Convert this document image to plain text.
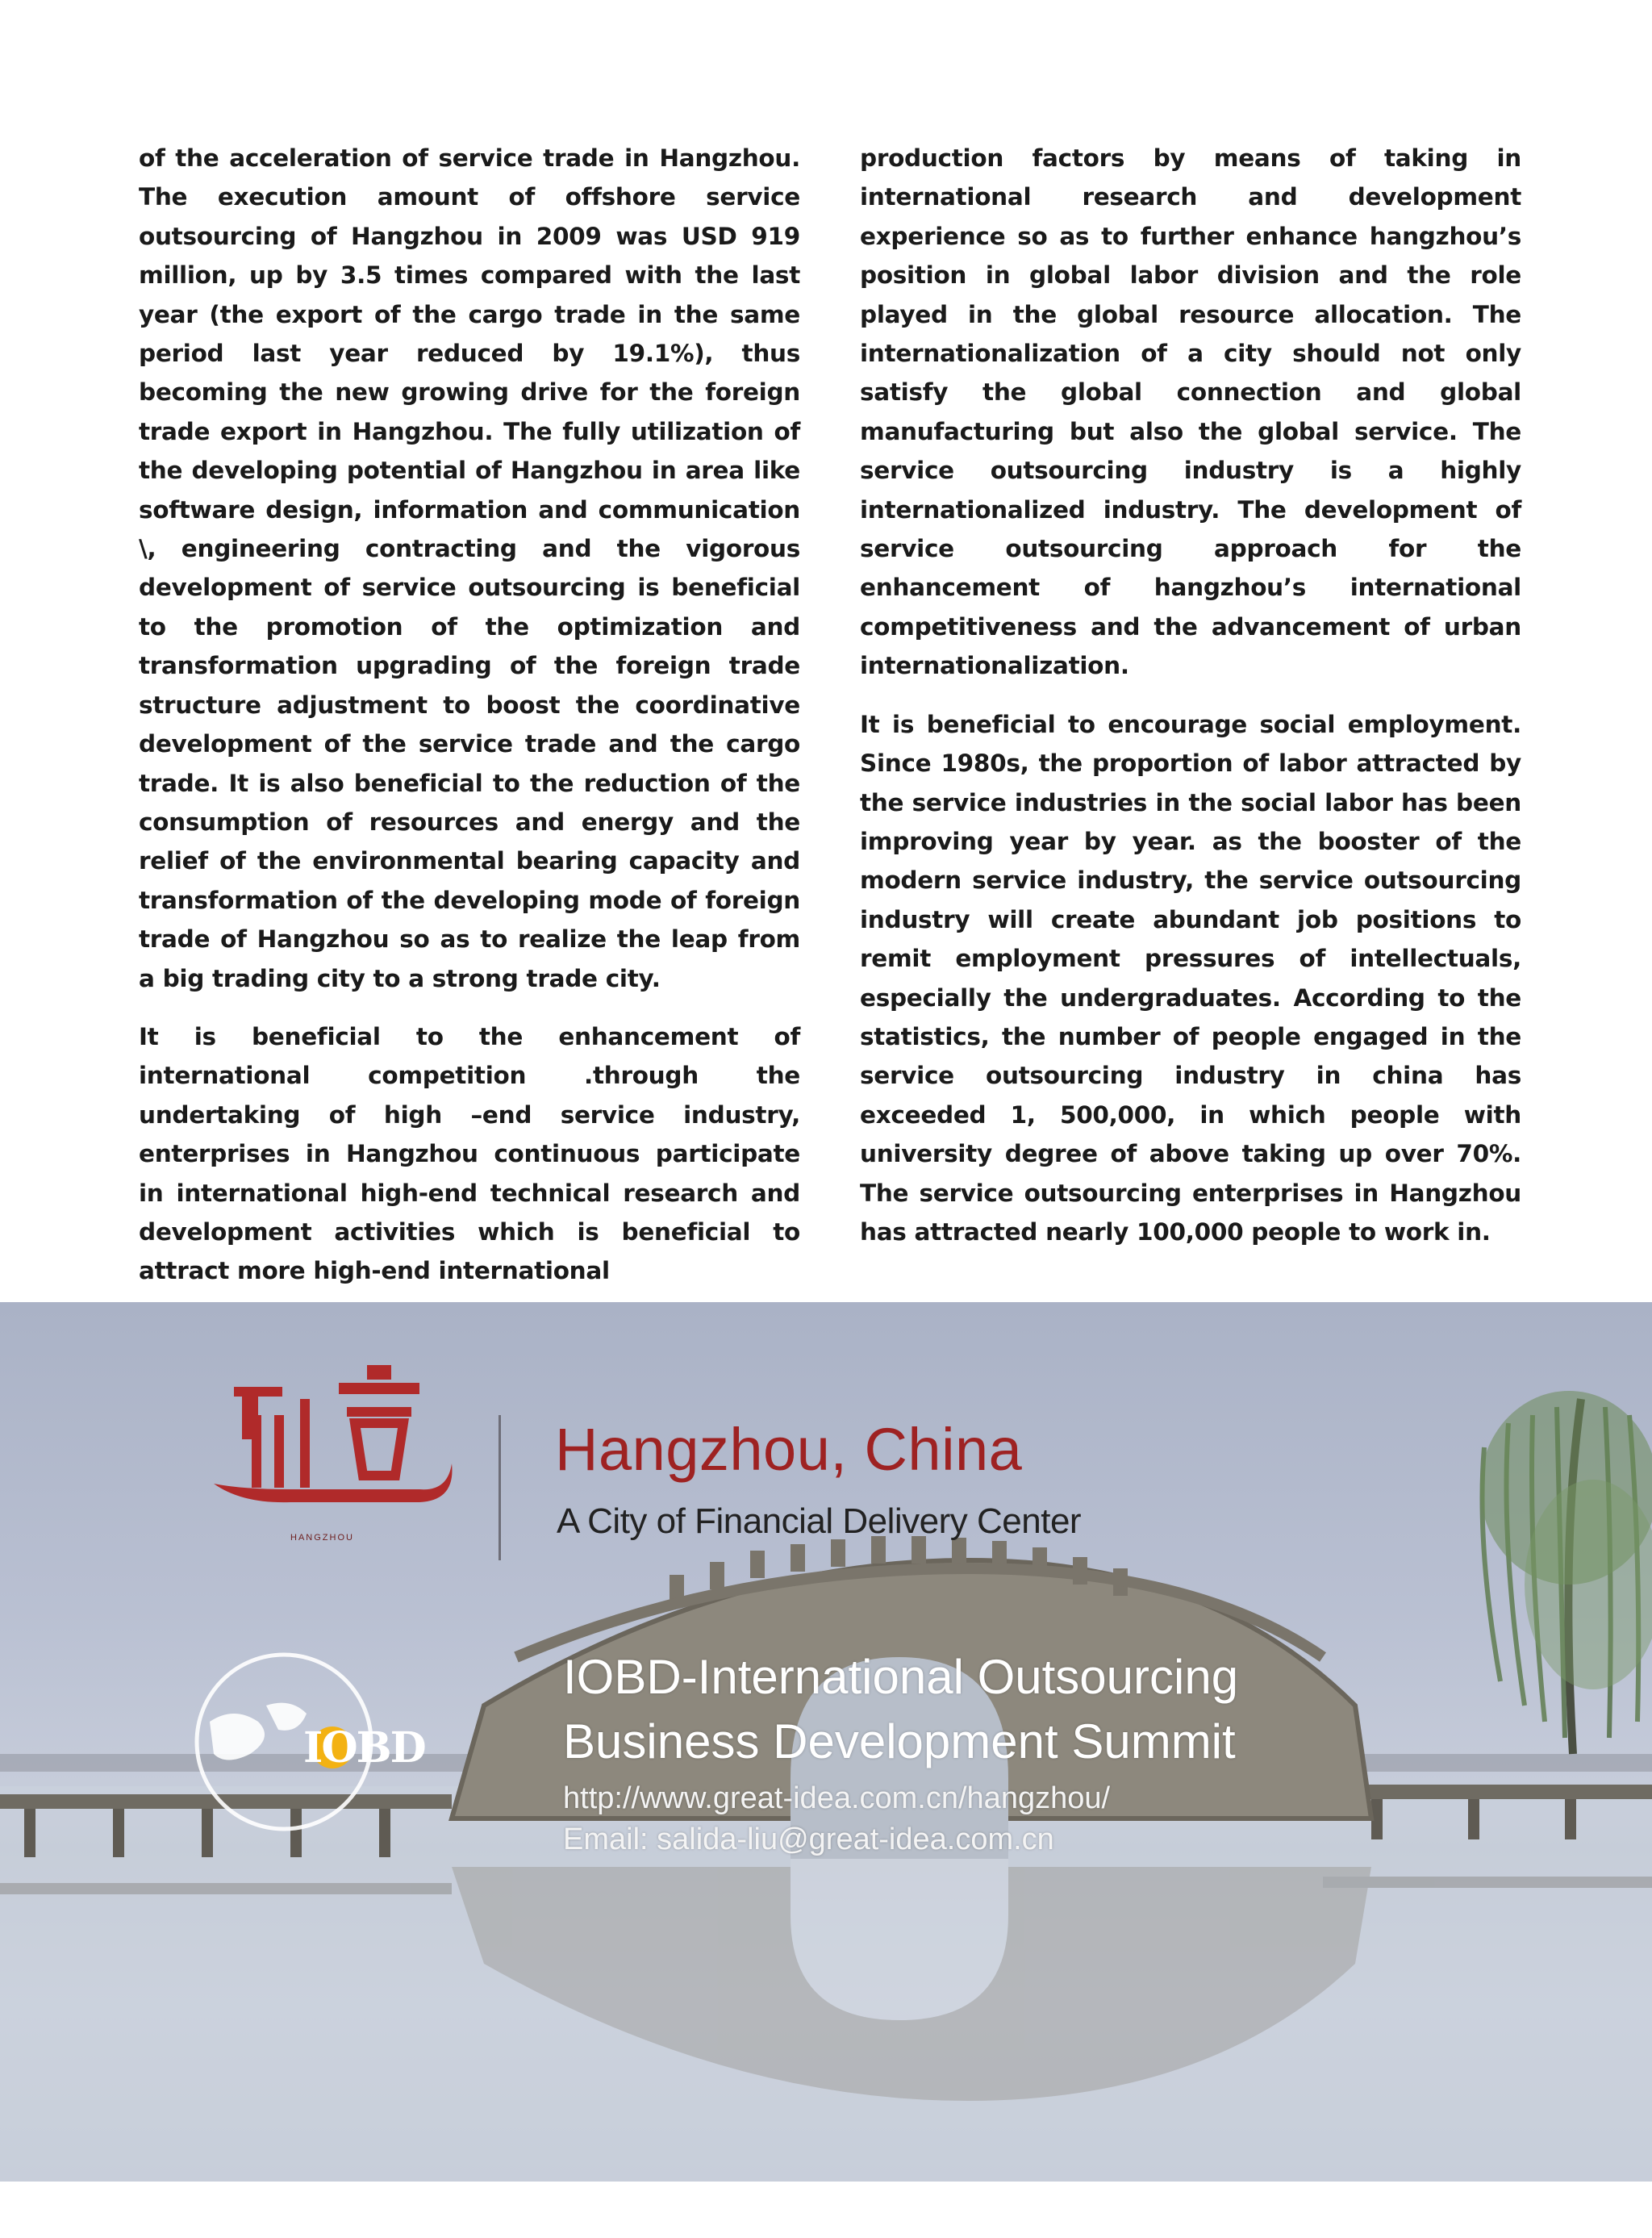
of the acceleration of service trade in Hangzhou. The execution amount of offshore service outsourcing of Hangzhou in 2009 was USD 919 million, up by 3.5 times compared with the last year (the export of the cargo trade in the same period last year reduced by 19.1%), thus becoming the new growing drive for the foreign trade export in Hangzhou. The fully utilization of the developing potential of Hangzhou in area like software design, information and communication \, engineering contracting and the vigorous development of service outsourcing is beneficial to the promotion of the optimization and transformation upgrading of the foreign trade structure adjustment to boost the coordinative development of the service trade and the cargo trade. It is also beneficial to the reduction of the consumption of resources and energy and the relief of the environmental bearing capacity and transformation of the developing mode of foreign trade of Hangzhou so as to realize the leap from a big trading city to a strong trade city.

It is beneficial to the enhancement of international competition .through the undertaking of high –end service industry, enterprises in Hangzhou continuous participate in international high-end technical research and development activities which is beneficial to attract more high-end international

production factors by means of taking in international research and development experience so as to further enhance hangzhou’s position in global labor division and the role played in the global resource allocation. The internationalization of a city should not only satisfy the global connection and global manufacturing but also the global service. The service outsourcing industry is a highly internationalized industry. The development of service outsourcing approach for the enhancement of hangzhou’s international competitiveness and the advancement of urban internationalization.

It is beneficial to encourage social employment. Since 1980s, the proportion of labor attracted by the service industries in the social labor has been improving year by year. as the booster of the modern service industry, the service outsourcing industry will create abundant job positions to remit employment pressures of intellectuals, especially the undergraduates. According to the statistics, the number of people engaged in the service outsourcing industry in china has exceeded 1, 500,000, in which people with university degree of above taking up over 70%. The service outsourcing enterprises in Hangzhou has attracted nearly 100,000 people to work in.

HANGZHOU
Hangzhou, China
A City of Financial Delivery Center
IOBD
IOBD-International Outsourcing
Business Development Summit
http://www.great-idea.com.cn/hangzhou/
Email: salida-liu@great-idea.com.cn
